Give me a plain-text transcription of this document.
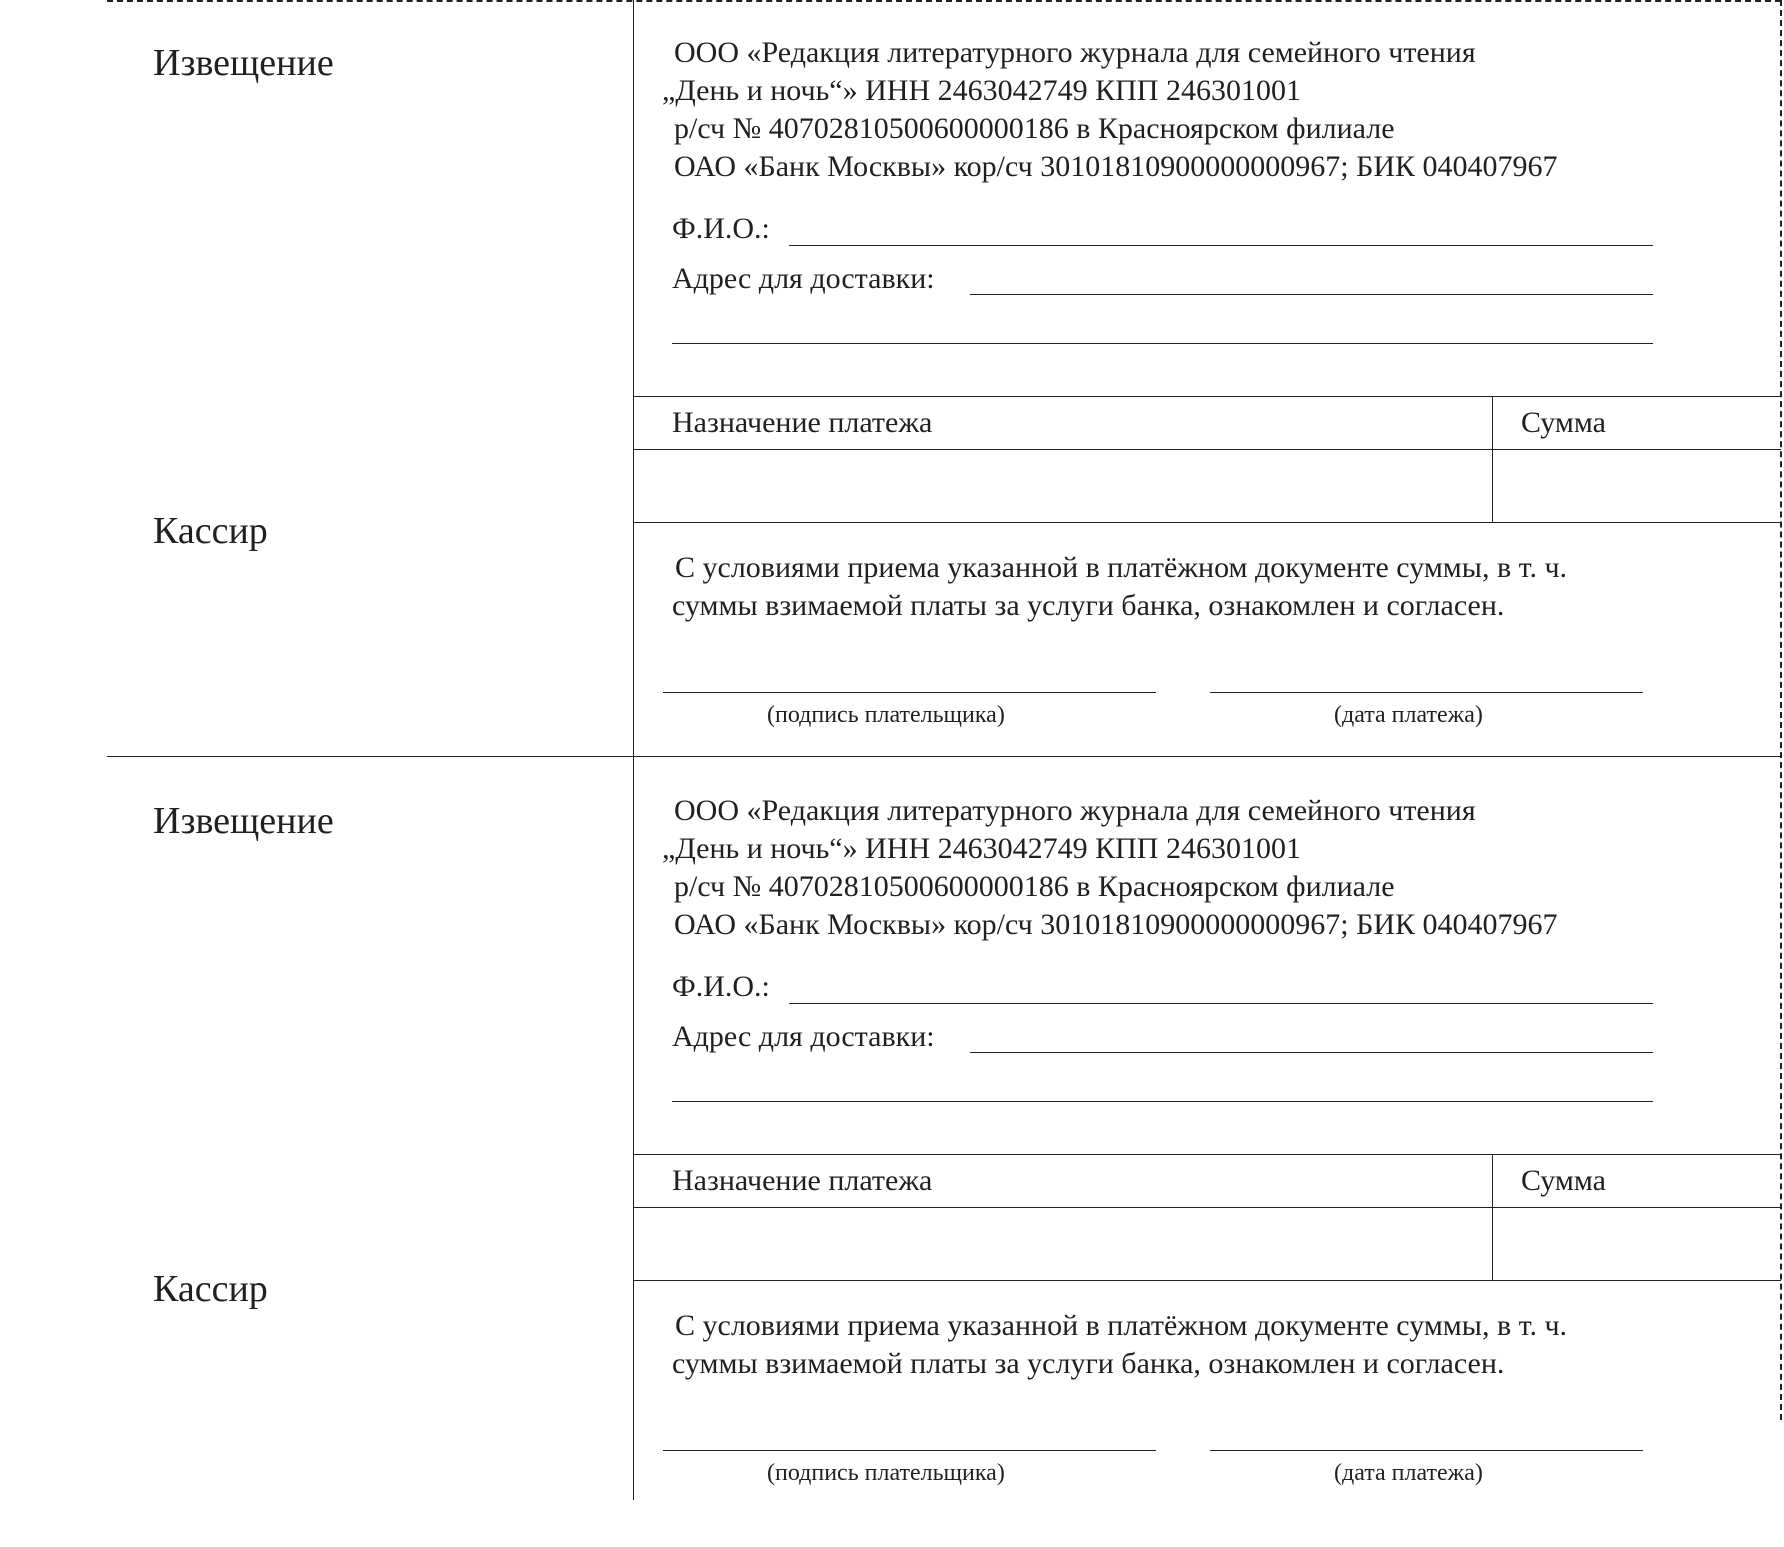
Извещение
Кассир
ООО «Редакция литературного журнала для семейного чтения
„День и ночь“» ИНН 2463042749 КПП 246301001
р/сч № 40702810500600000186 в Красноярском филиале
ОАО «Банк Москвы» кор/сч 30101810900000000967; БИК 040407967
Ф.И.О.:
Адрес для доставки:
Назначение платежа	Сумма
С условиями приема указанной в платёжном документе суммы, в т. ч.
суммы взимаемой платы за услуги банка, ознакомлен и согласен.
(подпись плательщика)	(дата платежа)
Извещение
Кассир
ООО «Редакция литературного журнала для семейного чтения
„День и ночь“» ИНН 2463042749 КПП 246301001
р/сч № 40702810500600000186 в Красноярском филиале
ОАО «Банк Москвы» кор/сч 30101810900000000967; БИК 040407967
Ф.И.О.:
Адрес для доставки:
Назначение платежа	Сумма
С условиями приема указанной в платёжном документе суммы, в т. ч.
суммы взимаемой платы за услуги банка, ознакомлен и согласен.
(подпись плательщика)	(дата платежа)
